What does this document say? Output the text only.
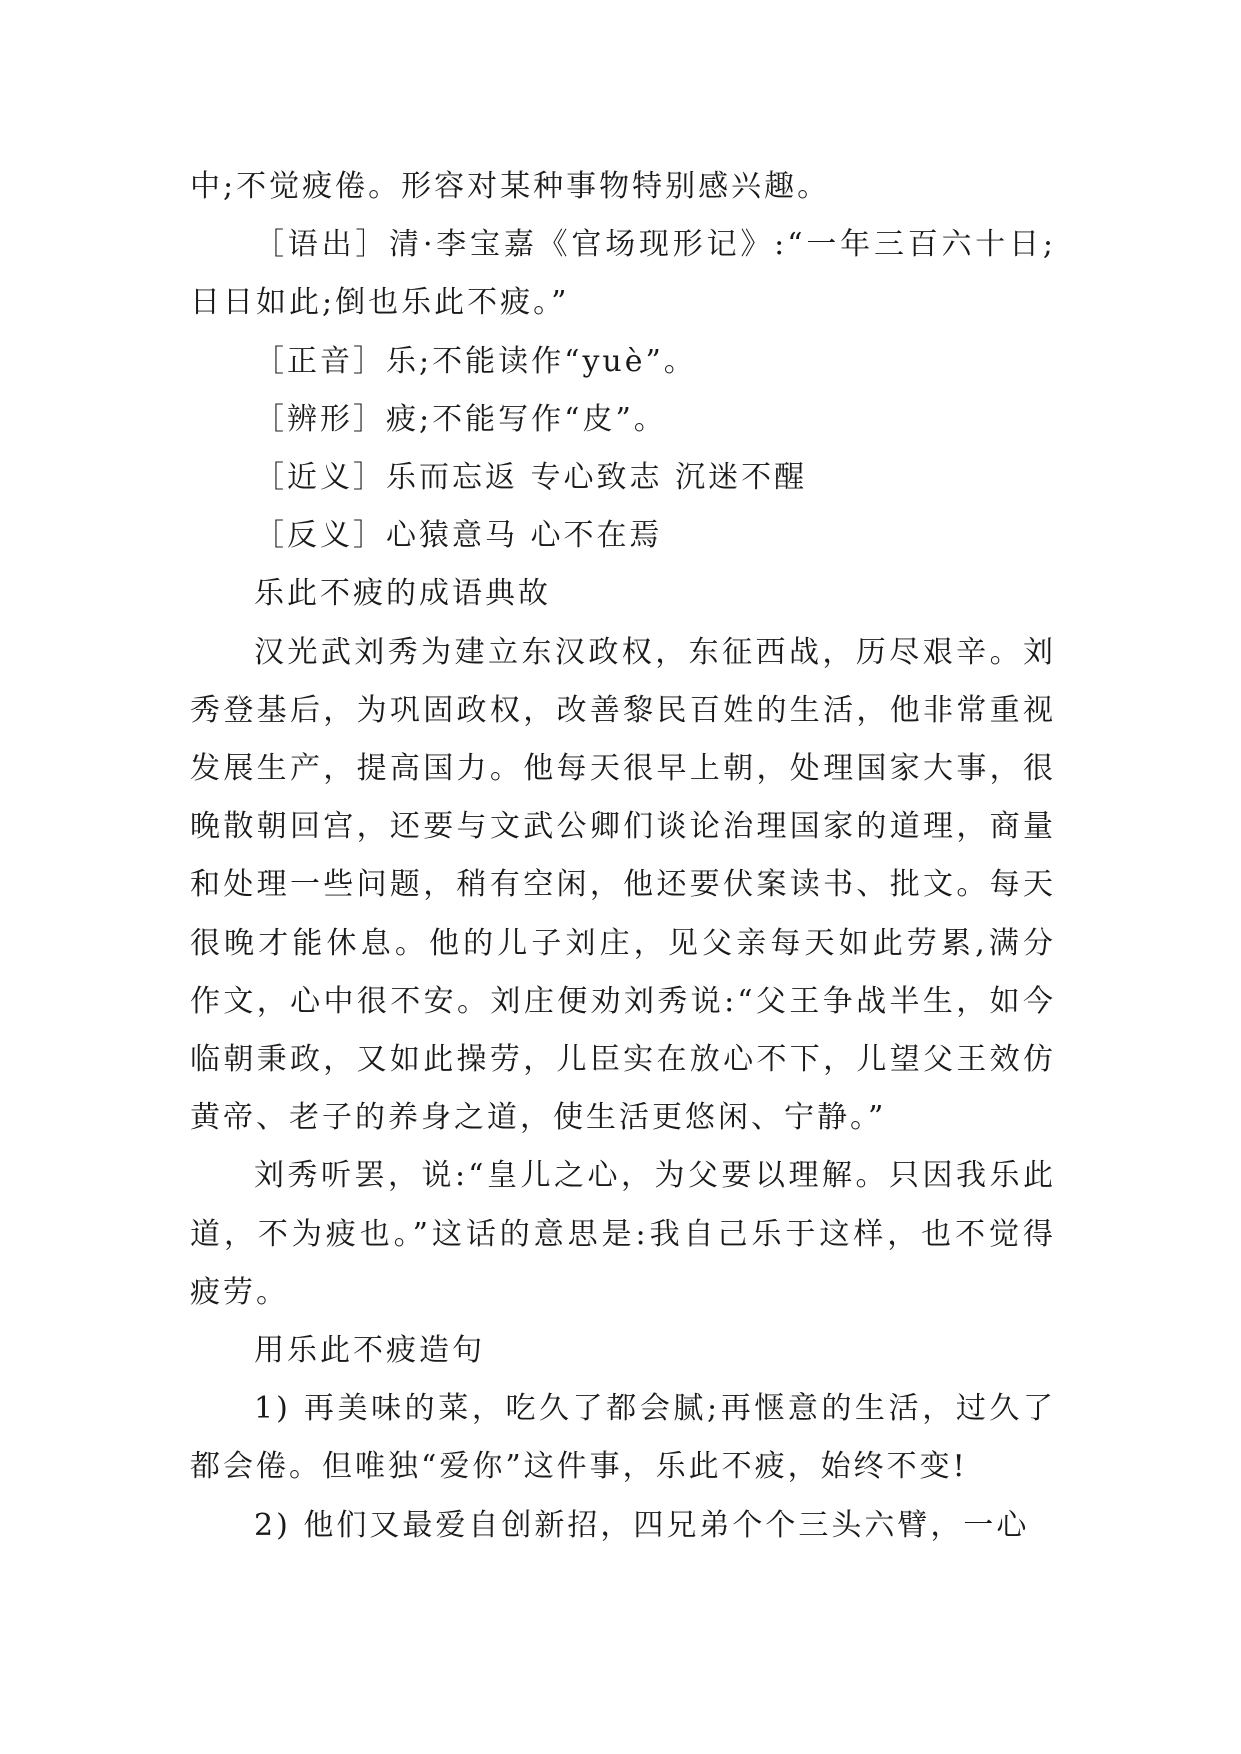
中;不觉疲倦。形容对某种事物特别感兴趣。

［语出］清·李宝嘉《官场现形记》:“一年三百六十日;日日如此;倒也乐此不疲。”

［正音］乐;不能读作“yuè”。

［辨形］疲;不能写作“皮”。

［近义］乐而忘返 专心致志 沉迷不醒

［反义］心猿意马 心不在焉

乐此不疲的成语典故

汉光武刘秀为建立东汉政权，东征西战，历尽艰辛。刘秀登基后，为巩固政权，改善黎民百姓的生活，他非常重视发展生产，提高国力。他每天很早上朝，处理国家大事，很晚散朝回宫，还要与文武公卿们谈论治理国家的道理，商量和处理一些问题，稍有空闲，他还要伏案读书、批文。每天很晚才能休息。他的儿子刘庄，见父亲每天如此劳累,满分作文，心中很不安。刘庄便劝刘秀说:“父王争战半生，如今临朝秉政，又如此操劳，儿臣实在放心不下，儿望父王效仿黄帝、老子的养身之道，使生活更悠闲、宁静。”

刘秀听罢，说:“皇儿之心，为父要以理解。只因我乐此道，不为疲也。”这话的意思是:我自己乐于这样，也不觉得疲劳。

用乐此不疲造句

1) 再美味的菜，吃久了都会腻;再惬意的生活，过久了都会倦。但唯独“爱你”这件事，乐此不疲，始终不变!

2) 他们又最爱自创新招，四兄弟个个三头六臂，一心
